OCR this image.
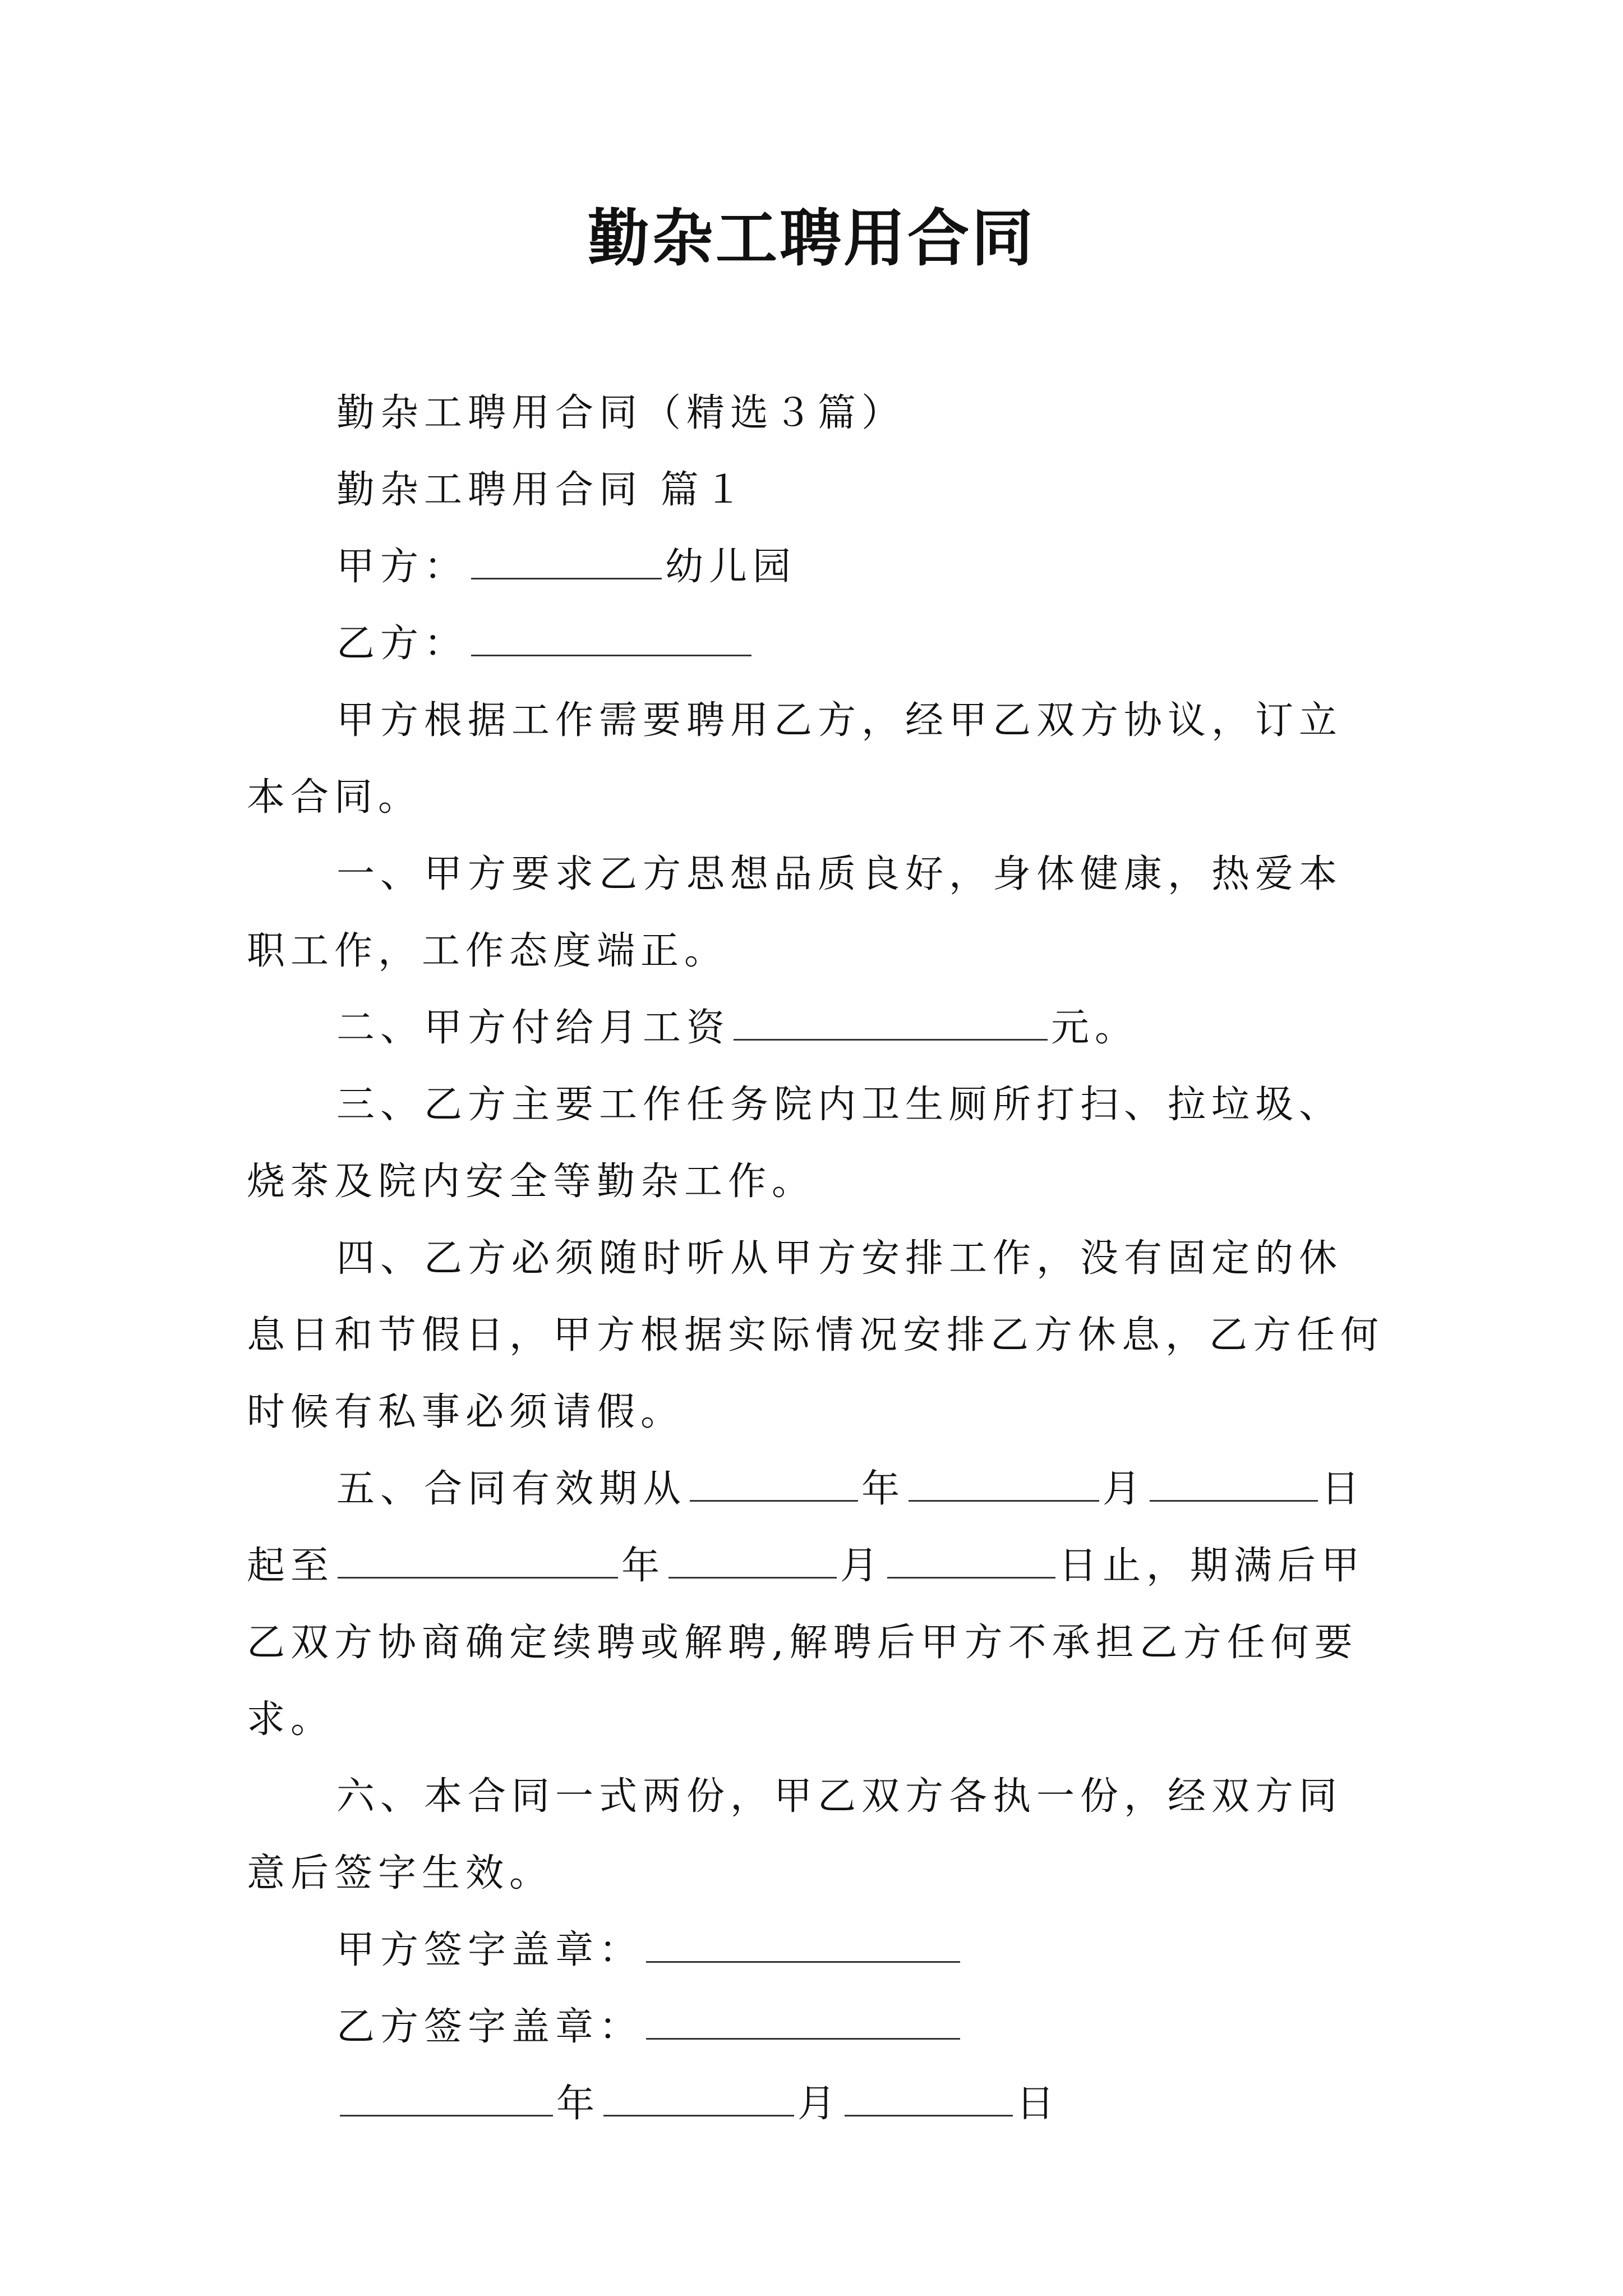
勤杂工聘用合同

勤杂工聘用合同（精选３篇）

勤杂工聘用合同 篇１

甲方：	幼儿园

乙方：

甲方根据工作需要聘用乙方，经甲乙双方协议，订立本合同。

一、甲方要求乙方思想品质良好，身体健康，热爱本职工作，工作态度端正。

二、甲方付给月工资	元。

三、乙方主要工作任务院内卫生厕所打扫、拉垃圾、烧茶及院内安全等勤杂工作。

四、乙方必须随时听从甲方安排工作，没有固定的休息日和节假日，甲方根据实际情况安排乙方休息，乙方任何时候有私事必须请假。

五、合同有效期从	年	月	日起至	年	月	日止，期满后甲乙双方协商确定续聘或解聘,解聘后甲方不承担乙方任何要求。

六、本合同一式两份，甲乙双方各执一份，经双方同意后签字生效。

甲方签字盖章：

乙方签字盖章：

年	月	日
